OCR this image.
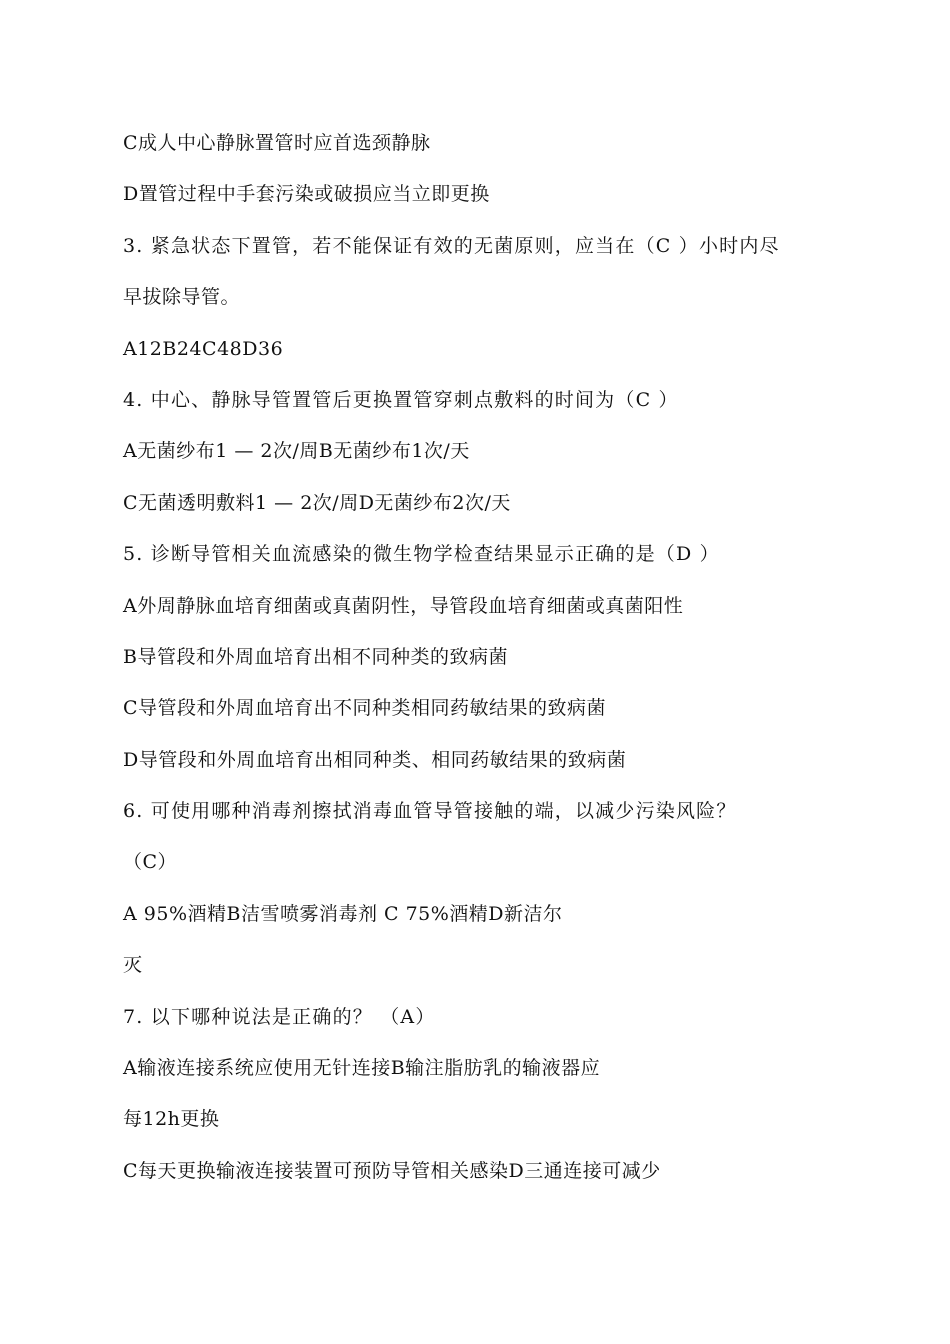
C成人中心静脉置管时应首选颈静脉
D置管过程中手套污染或破损应当立即更换
3. 紧急状态下置管，若不能保证有效的无菌原则，应当在（C ）小时内尽
早拔除导管。
A12B24C48D36
4. 中心、静脉导管置管后更换置管穿刺点敷料的时间为（C ）
A无菌纱布1 — 2次/周B无菌纱布1次/天
C无菌透明敷料1 — 2次/周D无菌纱布2次/天
5. 诊断导管相关血流感染的微生物学检查结果显示正确的是（D ）
A外周静脉血培育细菌或真菌阴性，导管段血培育细菌或真菌阳性
B导管段和外周血培育出相不同种类的致病菌
C导管段和外周血培育出不同种类相同药敏结果的致病菌
D导管段和外周血培育出相同种类、相同药敏结果的致病菌
6. 可使用哪种消毒剂擦拭消毒血管导管接触的端，以减少污染风险？
（C）
A 95%酒精B洁雪喷雾消毒剂 C 75%酒精D新洁尔
灭
7. 以下哪种说法是正确的？ （A）
A输液连接系统应使用无针连接B输注脂肪乳的输液器应
每12h更换
C每天更换输液连接装置可预防导管相关感染D三通连接可减少
